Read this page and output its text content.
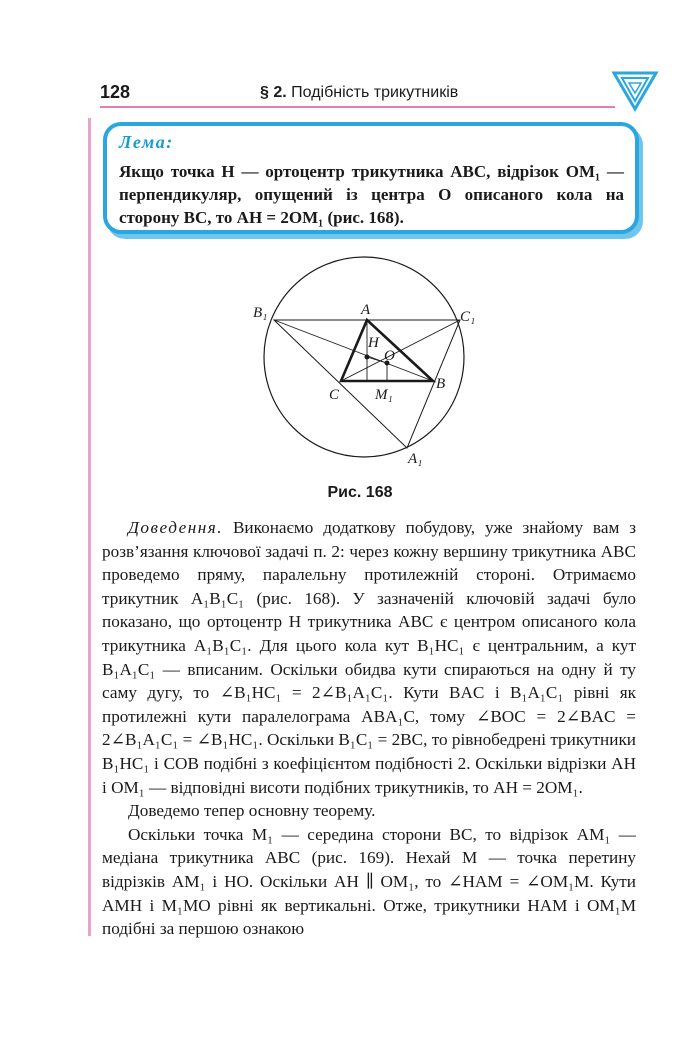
128	§ 2. Подібність трикутників
Лема:
Якщо точка H — ортоцентр трикутника ABC, відрізок OM₁ — перпендикуляр, опущений із центра O описаного кола на сторону BC, то AH = 2OM₁ (рис. 168).
A
B
C
H
O
M₁
A₁
B₁	C₁
Рис. 168

Доведення. Виконаємо додаткову побудову, уже знайому вам з розв’язання ключової задачі п. 2: через кожну вершину трикутника ABC проведемо пряму, паралельну протилежній стороні. Отримаємо трикутник A₁B₁C₁ (рис. 168). У зазначеній ключовій задачі було показано, що ортоцентр H трикутника ABC є центром описаного кола трикутника A₁B₁C₁. Для цього кола кут B₁HC₁ є центральним, а кут B₁A₁C₁ — вписаним. Оскільки обидва кути спираються на одну й ту саму дугу, то ∠B₁HC₁ = 2∠B₁A₁C₁. Кути BAC і B₁A₁C₁ рівні як протилежні кути паралелограма ABA₁C, тому ∠BOC = 2∠BAC = 2∠B₁A₁C₁ = ∠B₁HC₁. Оскільки B₁C₁ = 2BC, то рівнобедрені трикутники B₁HC₁ і COB подібні з коефіцієнтом подібності 2. Оскільки відрізки AH і OM₁ — відповідні висоти подібних трикутників, то AH = 2OM₁.

Доведемо тепер основну теорему.

Оскільки точка M₁ — середина сторони BC, то відрізок AM₁ — медіана трикутника ABC (рис. 169). Нехай M — точка перетину відрізків AM₁ і HO. Оскільки AH ∥ OM₁, то ∠HAM = ∠OM₁M. Кути AMH і M₁MO рівні як вертикальні. Отже, трикутники HAM і OM₁M подібні за першою ознакою
